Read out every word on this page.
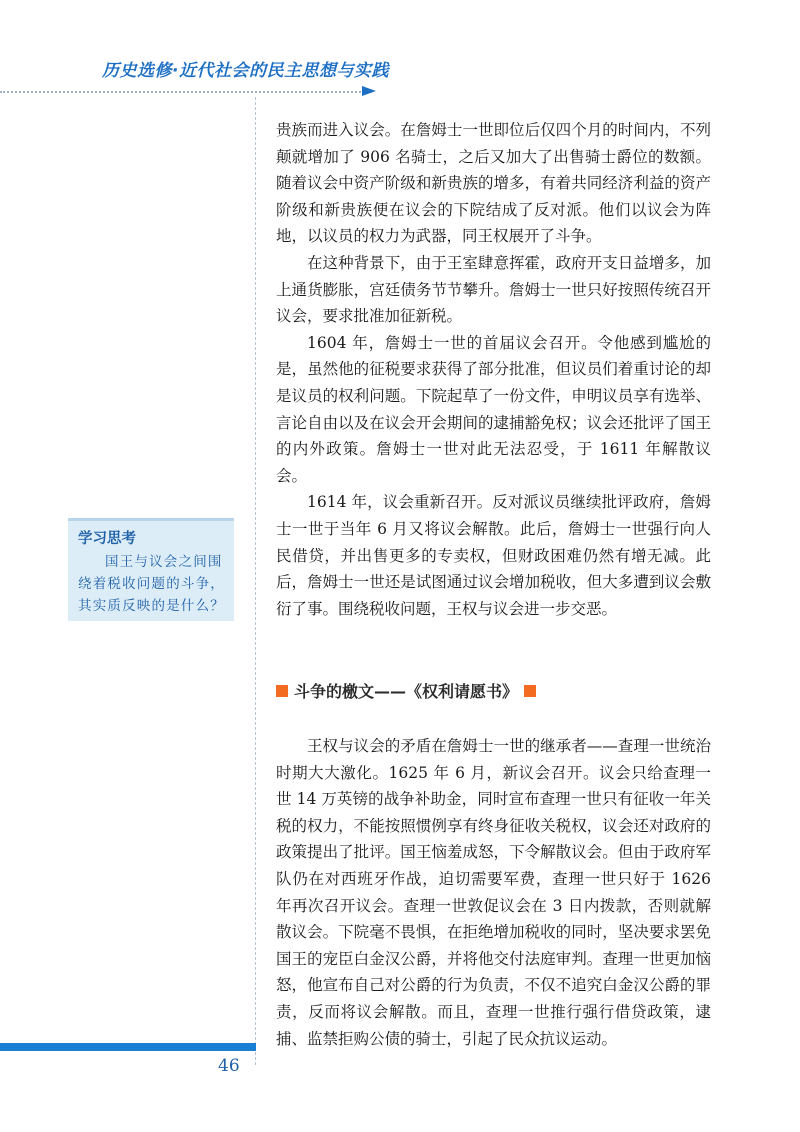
历史选修·近代社会的民主思想与实践

贵族而进入议会。在詹姆士一世即位后仅四个月的时间内，不列颠就增加了 906 名骑士，之后又加大了出售骑士爵位的数额。随着议会中资产阶级和新贵族的增多，有着共同经济利益的资产阶级和新贵族便在议会的下院结成了反对派。他们以议会为阵地，以议员的权力为武器，同王权展开了斗争。

在这种背景下，由于王室肆意挥霍，政府开支日益增多，加上通货膨胀，宫廷债务节节攀升。詹姆士一世只好按照传统召开议会，要求批准加征新税。

1604 年，詹姆士一世的首届议会召开。令他感到尴尬的是，虽然他的征税要求获得了部分批准，但议员们着重讨论的却是议员的权利问题。下院起草了一份文件，申明议员享有选举、言论自由以及在议会开会期间的逮捕豁免权；议会还批评了国王的内外政策。詹姆士一世对此无法忍受，于 1611 年解散议会。

1614 年，议会重新召开。反对派议员继续批评政府，詹姆士一世于当年 6 月又将议会解散。此后，詹姆士一世强行向人民借贷，并出售更多的专卖权，但财政困难仍然有增无减。此后，詹姆士一世还是试图通过议会增加税收，但大多遭到议会敷衍了事。围绕税收问题，王权与议会进一步交恶。

学习思考
国王与议会之间围绕着税收问题的斗争，其实质反映的是什么？
斗争的檄文——《权利请愿书》

王权与议会的矛盾在詹姆士一世的继承者——查理一世统治时期大大激化。1625 年 6 月，新议会召开。议会只给查理一世 14 万英镑的战争补助金，同时宣布查理一世只有征收一年关税的权力，不能按照惯例享有终身征收关税权，议会还对政府的政策提出了批评。国王恼羞成怒，下令解散议会。但由于政府军队仍在对西班牙作战，迫切需要军费，查理一世只好于 1626 年再次召开议会。查理一世敦促议会在 3 日内拨款，否则就解散议会。下院毫不畏惧，在拒绝增加税收的同时，坚决要求罢免国王的宠臣白金汉公爵，并将他交付法庭审判。查理一世更加恼怒，他宣布自己对公爵的行为负责，不仅不追究白金汉公爵的罪责，反而将议会解散。而且，查理一世推行强行借贷政策，逮捕、监禁拒购公债的骑士，引起了民众抗议运动。

46
